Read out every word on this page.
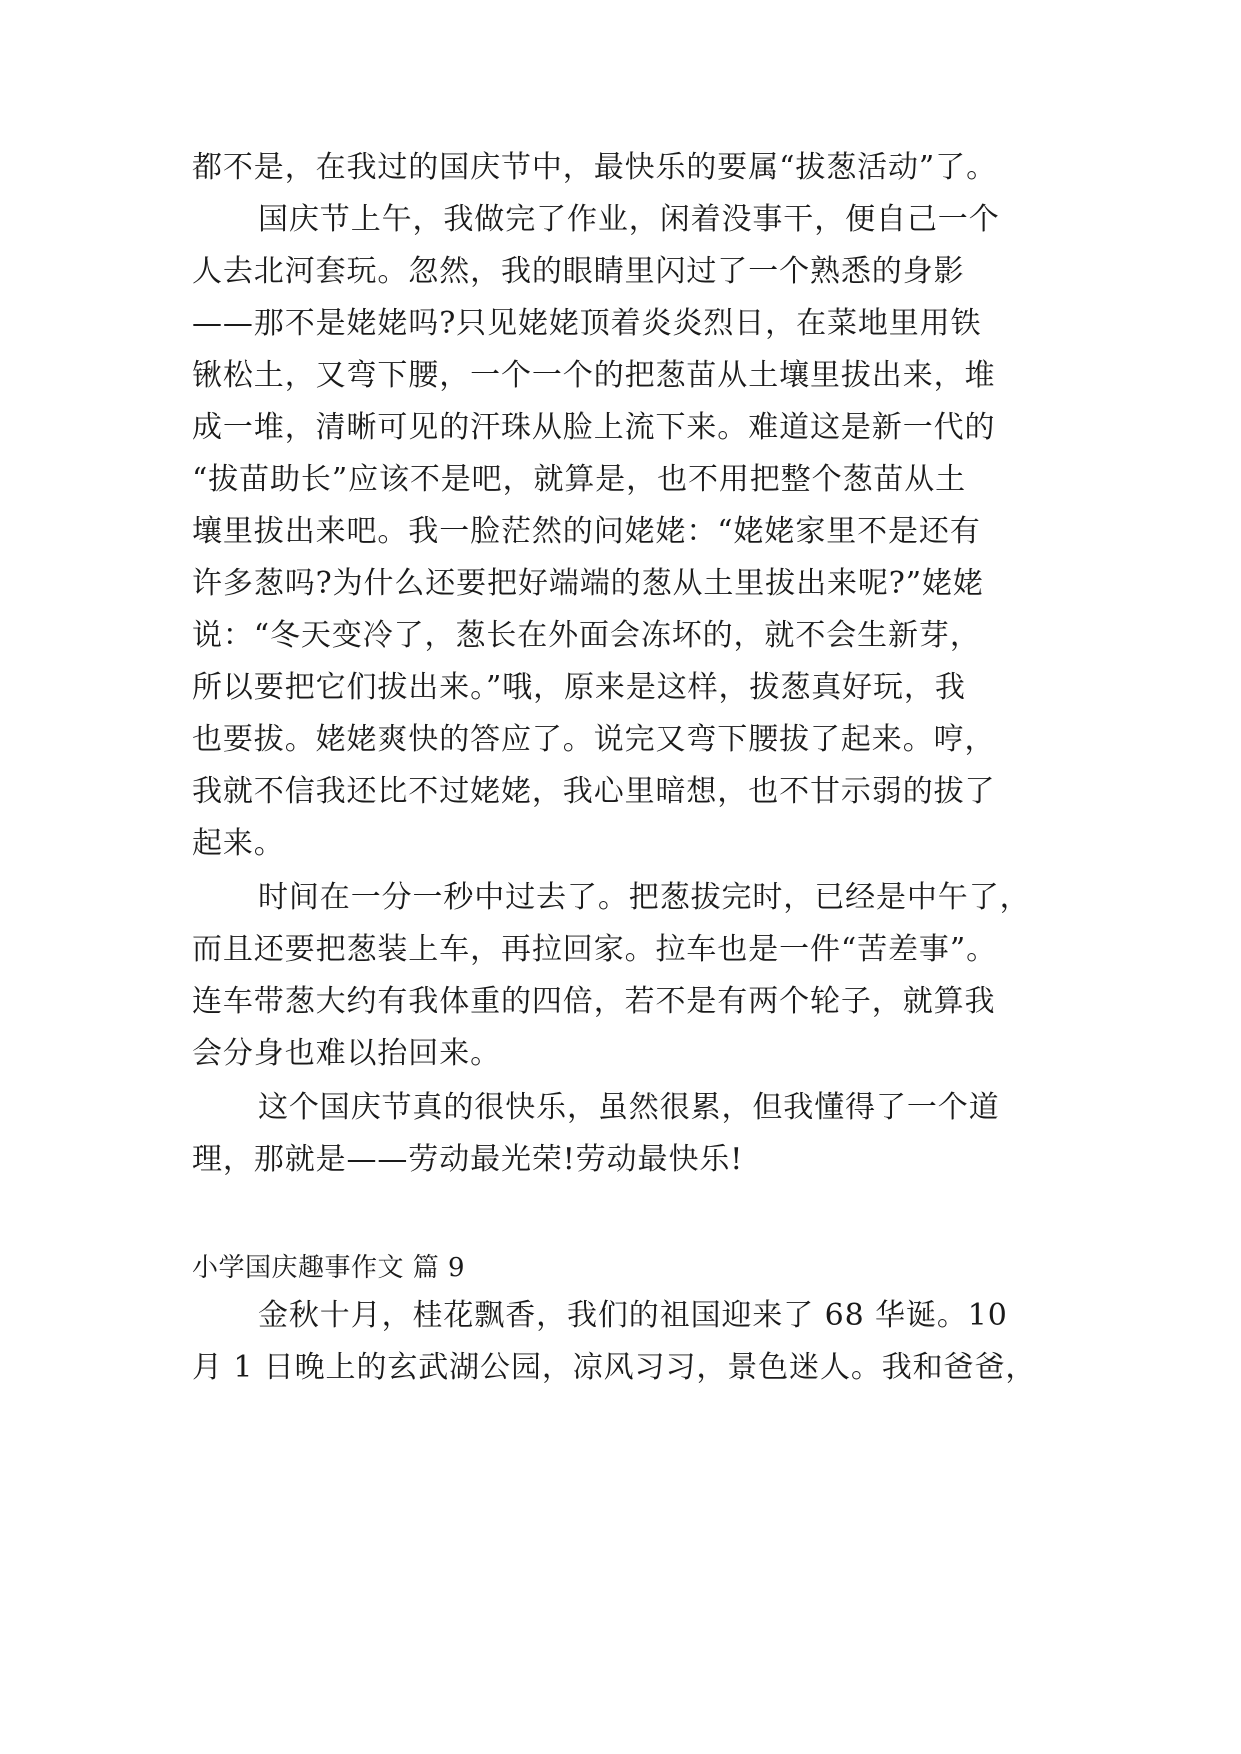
都不是，在我过的国庆节中，最快乐的要属“拔葱活动”了。
国庆节上午，我做完了作业，闲着没事干，便自己一个
人去北河套玩。忽然，我的眼睛里闪过了一个熟悉的身影
——那不是姥姥吗?只见姥姥顶着炎炎烈日，在菜地里用铁
锹松土，又弯下腰，一个一个的把葱苗从土壤里拔出来，堆
成一堆，清晰可见的汗珠从脸上流下来。难道这是新一代的
“拔苗助长”应该不是吧，就算是，也不用把整个葱苗从土
壤里拔出来吧。我一脸茫然的问姥姥：“姥姥家里不是还有
许多葱吗?为什么还要把好端端的葱从土里拔出来呢?”姥姥
说：“冬天变冷了，葱长在外面会冻坏的，就不会生新芽，
所以要把它们拔出来。”哦，原来是这样，拔葱真好玩，我
也要拔。姥姥爽快的答应了。说完又弯下腰拔了起来。哼，
我就不信我还比不过姥姥，我心里暗想，也不甘示弱的拔了
起来。
时间在一分一秒中过去了。把葱拔完时，已经是中午了，
而且还要把葱装上车，再拉回家。拉车也是一件“苦差事”。
连车带葱大约有我体重的四倍，若不是有两个轮子，就算我
会分身也难以抬回来。
这个国庆节真的很快乐，虽然很累，但我懂得了一个道
理，那就是——劳动最光荣!劳动最快乐!
小学国庆趣事作文 篇 9
金秋十月，桂花飘香，我们的祖国迎来了 68 华诞。10
月 1 日晚上的玄武湖公园，凉风习习，景色迷人。我和爸爸，
